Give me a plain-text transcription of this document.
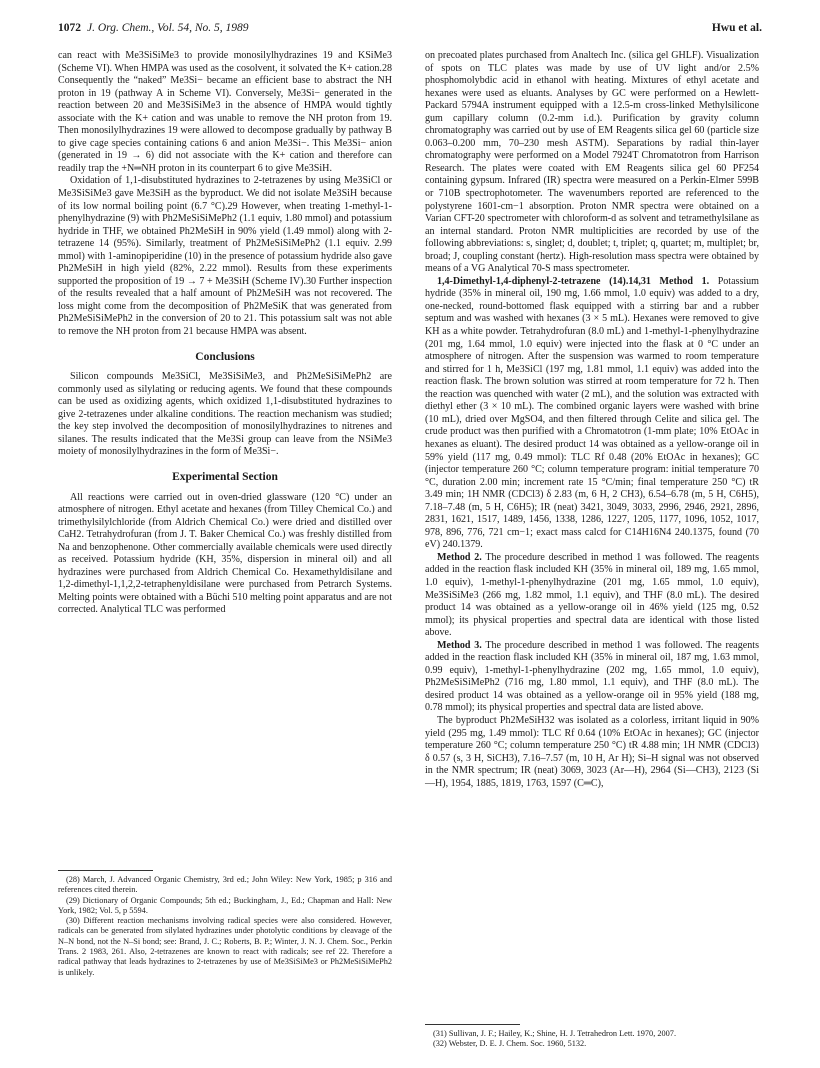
1072 J. Org. Chem., Vol. 54, No. 5, 1989	Hwu et al.

can react with Me3SiSiMe3 to provide monosilylhydrazines 19 and KSiMe3 (Scheme VI). When HMPA was used as the cosolvent, it solvated the K+ cation.28 Consequently the “naked” Me3Si− became an efficient base to abstract the NH proton in 19 (pathway A in Scheme VI). Conversely, Me3Si− generated in the reaction between 20 and Me3SiSiMe3 in the absence of HMPA would tightly associate with the K+ cation and was unable to remove the NH proton from 19. Then monosilylhydrazines 19 were allowed to decompose gradually by pathway B to give cage species containing cations 6 and anion Me3Si−. This Me3Si− anion (generated in 19 → 6) did not associate with the K+ cation and therefore can readily trap the +N═NH proton in its counterpart 6 to give Me3SiH.

Oxidation of 1,1-disubstituted hydrazines to 2-tetrazenes by using Me3SiCl or Me3SiSiMe3 gave Me3SiH as the byproduct. We did not isolate Me3SiH because of its low normal boiling point (6.7 °C).29 However, when treating 1-methyl-1-phenylhydrazine (9) with Ph2MeSiSiMePh2 (1.1 equiv, 1.80 mmol) and potassium hydride in THF, we obtained Ph2MeSiH in 90% yield (1.49 mmol) along with 2-tetrazene 14 (95%). Similarly, treatment of Ph2MeSiSiMePh2 (1.1 equiv. 2.99 mmol) with 1-aminopiperidine (10) in the presence of potassium hydride also gave Ph2MeSiH in high yield (82%, 2.22 mmol). Results from these experiments supported the proposition of 19 → 7 + Me3SiH (Scheme IV).30 Further inspection of the results revealed that a half amount of Ph2MeSiH was not recovered. The loss might come from the decomposition of Ph2MeSiK that was generated from Ph2MeSiSiMePh2 in the conversion of 20 to 21. This potassium salt was not able to remove the NH proton from 21 because HMPA was absent.

Conclusions

Silicon compounds Me3SiCl, Me3SiSiMe3, and Ph2MeSiSiMePh2 are commonly used as silylating or reducing agents. We found that these compounds can be used as oxidizing agents, which oxidized 1,1-disubstituted hydrazines to give 2-tetrazenes under alkaline conditions. The reaction mechanism was studied; the key step involved the decomposition of monosilylhydrazines to nitrenes and silanes. The results indicated that the Me3Si group can leave from the NSiMe3 moiety of monosilylhydrazines in the form of Me3Si−.

Experimental Section

All reactions were carried out in oven-dried glassware (120 °C) under an atmosphere of nitrogen. Ethyl acetate and hexanes (from Tilley Chemical Co.) and trimethylsilylchloride (from Aldrich Chemical Co.) were dried and distilled over CaH2. Tetrahydrofuran (from J. T. Baker Chemical Co.) was freshly distilled from Na and benzophenone. Other commercially available chemicals were used directly as received. Potassium hydride (KH, 35%, dispersion in mineral oil) and all hydrazines were purchased from Aldrich Chemical Co. Hexamethyldisilane and 1,2-dimethyl-1,1,2,2-tetraphenyldisilane were purchased from Petrarch Systems. Melting points were obtained with a Büchi 510 melting point apparatus and are not corrected. Analytical TLC was performed

(28) March, J. Advanced Organic Chemistry, 3rd ed.; John Wiley: New York, 1985; p 316 and references cited therein.

(29) Dictionary of Organic Compounds; 5th ed.; Buckingham, J., Ed.; Chapman and Hall: New York, 1982; Vol. 5, p 5594.

(30) Different reaction mechanisms involving radical species were also considered. However, radicals can be generated from silylated hydrazines under photolytic conditions by cleavage of the N–N bond, not the N–Si bond; see: Brand, J. C.; Roberts, B. P.; Winter, J. N. J. Chem. Soc., Perkin Trans. 2 1983, 261. Also, 2-tetrazenes are known to react with radicals; see ref 22. Therefore a radical pathway that leads hydrazines to 2-tetrazenes by use of Me3SiSiMe3 or Ph2MeSiSiMePh2 is unlikely.

on precoated plates purchased from Analtech Inc. (silica gel GHLF). Visualization of spots on TLC plates was made by use of UV light and/or 2.5% phosphomolybdic acid in ethanol with heating. Mixtures of ethyl acetate and hexanes were used as eluants. Analyses by GC were performed on a Hewlett-Packard 5794A instrument equipped with a 12.5-m cross-linked Methylsilicone gum capillary column (0.2-mm i.d.). Purification by gravity column chromatography was carried out by use of EM Reagents silica gel 60 (particle size 0.063–0.200 mm, 70–230 mesh ASTM). Separations by radial thin-layer chromatography were performed on a Model 7924T Chromatotron from Harrison Research. The plates were coated with EM Reagents silica gel 60 PF254 containing gypsum. Infrared (IR) spectra were measured on a Perkin-Elmer 599B or 710B spectrophotometer. The wavenumbers reported are referenced to the polystyrene 1601-cm−1 absorption. Proton NMR spectra were obtained on a Varian CFT-20 spectrometer with chloroform-d as solvent and tetramethylsilane as an internal standard. Proton NMR multiplicities are recorded by use of the following abbreviations: s, singlet; d, doublet; t, triplet; q, quartet; m, multiplet; br, broad; J, coupling constant (hertz). High-resolution mass spectra were obtained by means of a VG Analytical 70-S mass spectrometer.

1,4-Dimethyl-1,4-diphenyl-2-tetrazene (14).14,31 Method 1. Potassium hydride (35% in mineral oil, 190 mg, 1.66 mmol, 1.0 equiv) was added to a dry, one-necked, round-bottomed flask equipped with a stirring bar and a rubber septum and was washed with hexanes (3 × 5 mL). Hexanes were removed to give KH as a white powder. Tetrahydrofuran (8.0 mL) and 1-methyl-1-phenylhydrazine (201 mg, 1.64 mmol, 1.0 equiv) were injected into the flask at 0 °C under an atmosphere of nitrogen. After the suspension was warmed to room temperature and stirred for 1 h, Me3SiCl (197 mg, 1.81 mmol, 1.1 equiv) was added into the reaction flask. The brown solution was stirred at room temperature for 72 h. Then the reaction was quenched with water (2 mL), and the solution was extracted with diethyl ether (3 × 10 mL). The combined organic layers were washed with brine (10 mL), dried over MgSO4, and then filtered through Celite and silica gel. The crude product was then purified with a Chromatotron (1-mm plate; 10% EtOAc in hexanes as eluant). The desired product 14 was obtained as a yellow-orange oil in 59% yield (117 mg, 0.49 mmol): TLC Rf 0.48 (20% EtOAc in hexanes); GC (injector temperature 260 °C; column temperature program: initial temperature 70 °C, duration 2.00 min; increment rate 15 °C/min; final temperature 250 °C) tR 3.49 min; 1H NMR (CDCl3) δ 2.83 (m, 6 H, 2 CH3), 6.54–6.78 (m, 5 H, C6H5), 7.18–7.48 (m, 5 H, C6H5); IR (neat) 3421, 3049, 3033, 2996, 2946, 2921, 2896, 2831, 1621, 1517, 1489, 1456, 1338, 1286, 1227, 1205, 1177, 1096, 1052, 1017, 978, 896, 776, 721 cm−1; exact mass calcd for C14H16N4 240.1375, found (70 eV) 240.1379.

Method 2. The procedure described in method 1 was followed. The reagents added in the reaction flask included KH (35% in mineral oil, 189 mg, 1.65 mmol, 1.0 equiv), 1-methyl-1-phenylhydrazine (201 mg, 1.65 mmol, 1.0 equiv), Me3SiSiMe3 (266 mg, 1.82 mmol, 1.1 equiv), and THF (8.0 mL). The desired product 14 was obtained as a yellow-orange oil in 46% yield (125 mg, 0.52 mmol); its physical properties and spectral data are identical with those listed above.

Method 3. The procedure described in method 1 was followed. The reagents added in the reaction flask included KH (35% in mineral oil, 187 mg, 1.63 mmol, 0.99 equiv), 1-methyl-1-phenylhydrazine (202 mg, 1.65 mmol, 1.0 equiv), Ph2MeSiSiMePh2 (716 mg, 1.80 mmol, 1.1 equiv), and THF (8.0 mL). The desired product 14 was obtained as a yellow-orange oil in 95% yield (188 mg, 0.78 mmol); its physical properties and spectral data are listed above.

The byproduct Ph2MeSiH32 was isolated as a colorless, irritant liquid in 90% yield (295 mg, 1.49 mmol): TLC Rf 0.64 (10% EtOAc in hexanes); GC (injector temperature 260 °C; column temperature 250 °C) tR 4.88 min; 1H NMR (CDCl3) δ 0.57 (s, 3 H, SiCH3), 7.16–7.57 (m, 10 H, Ar H); Si–H signal was not observed in the NMR spectrum; IR (neat) 3069, 3023 (Ar—H), 2964 (Si—CH3), 2123 (Si—H), 1954, 1885, 1819, 1763, 1597 (C═C),

(31) Sullivan, J. F.; Hailey, K.; Shine, H. J. Tetrahedron Lett. 1970, 2007.

(32) Webster, D. E. J. Chem. Soc. 1960, 5132.
